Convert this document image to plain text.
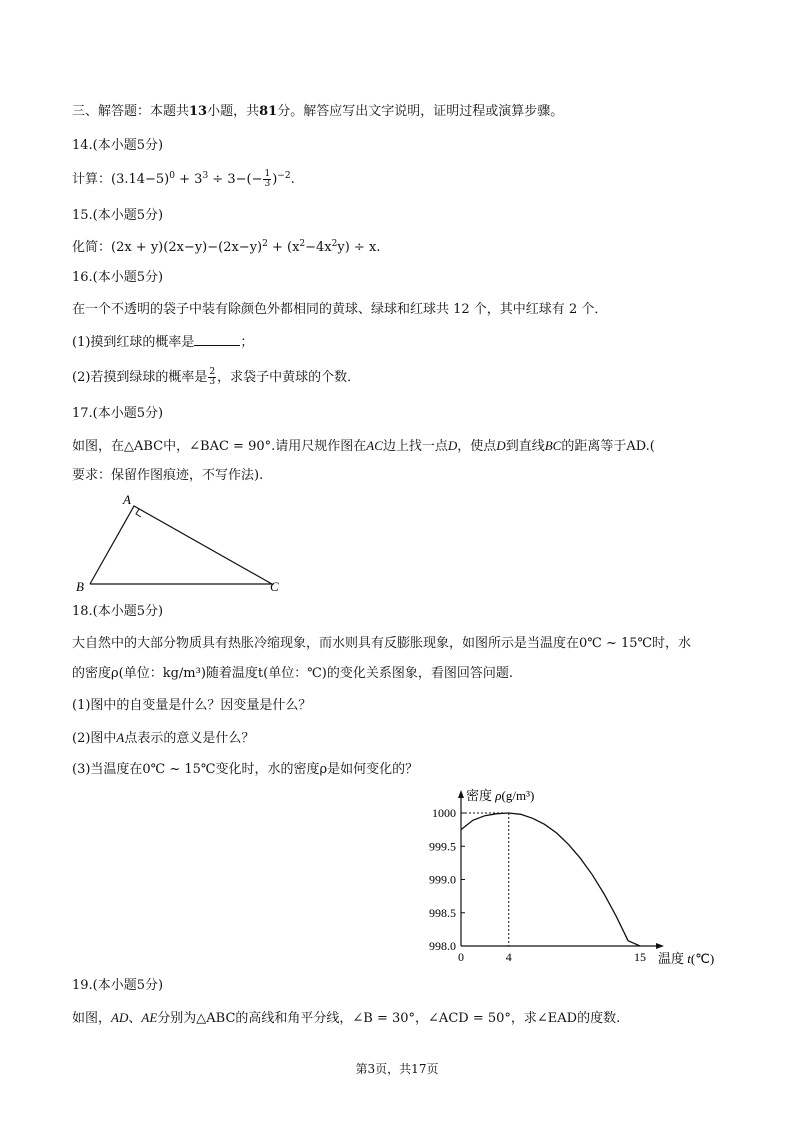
三、解答题：本题共13小题，共81分。解答应写出文字说明，证明过程或演算步骤。
14.(本小题5分)
计算：$(3.14-5)^0 + 3^3 \div 3-(- \frac{1}{3} )^{-2}$.
15.(本小题5分)
化简：$(2x + y)(2x-y)-(2x-y)^2 + (x^2-4x^2y) \div x$.
16.(本小题5分)
在一个不透明的袋子中装有除颜色外都相同的黄球、绿球和红球共 12 个，其中红球有 2 个．
(1)摸到红球的概率是	；
(2)若摸到绿球的概率是 $\frac{2}{3}$ ，求袋子中黄球的个数．
17.(本小题5分)
如图，在△ABC中，∠BAC = 90°.请用尺规作图在AC边上找一点D，使点D到直线BC的距离等于AD.(
要求：保留作图痕迹，不写作法).
A
B	C
18.(本小题5分)
大自然中的大部分物质具有热胀冷缩现象，而水则具有反膨胀现象，如图所示是当温度在0℃ ~ 15℃时，水
的密度ρ(单位：kg/m³)随着温度t(单位：℃)的变化关系图象，看图回答问题.
(1)图中的自变量是什么？因变量是什么？
(2)图中A点表示的意义是什么？
(3)当温度在0℃ ~ 15℃变化时，水的密度ρ是如何变化的？
998.0
998.5
999.0
999.5
1000
0	4	15
密度 ρ(g/m³)
温度 t(℃)
19.(本小题5分)
如图，AD、AE分别为△ABC的高线和角平分线，∠B = 30°，∠ACD = 50°，求∠EAD的度数.
第3页，共17页
